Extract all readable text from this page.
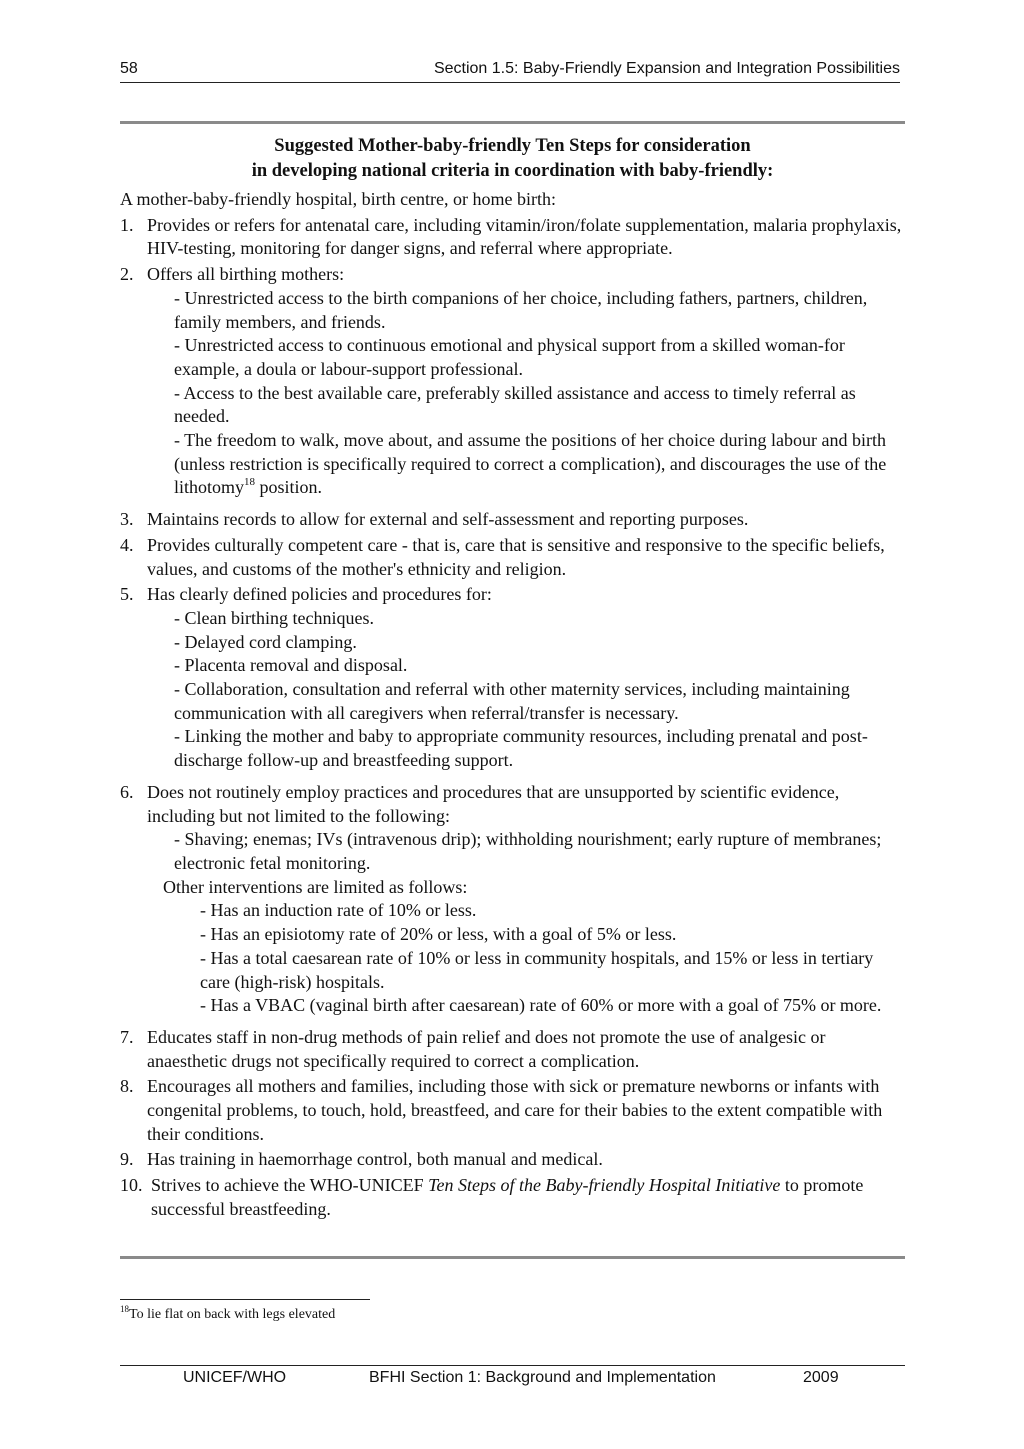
58	Section 1.5: Baby-Friendly Expansion and Integration Possibilities

Suggested Mother-baby-friendly Ten Steps for consideration

in developing national criteria in coordination with baby-friendly:

A mother-baby-friendly hospital, birth centre, or home birth:

1. Provides or refers for antenatal care, including vitamin/iron/folate supplementation, malaria prophylaxis, HIV-testing, monitoring for danger signs, and referral where appropriate.
2. Offers all birthing mothers:
- Unrestricted access to the birth companions of her choice, including fathers, partners, children, family members, and friends.
- Unrestricted access to continuous emotional and physical support from a skilled woman-for example, a doula or labour-support professional.
- Access to the best available care, preferably skilled assistance and access to timely referral as needed.
- The freedom to walk, move about, and assume the positions of her choice during labour and birth (unless restriction is specifically required to correct a complication), and discourages the use of the lithotomy$^{18}$ position.
3. Maintains records to allow for external and self-assessment and reporting purposes.
4. Provides culturally competent care - that is, care that is sensitive and responsive to the specific beliefs, values, and customs of the mother's ethnicity and religion.
5. Has clearly defined policies and procedures for:
- Clean birthing techniques.
- Delayed cord clamping.
- Placenta removal and disposal.
- Collaboration, consultation and referral with other maternity services, including maintaining communication with all caregivers when referral/transfer is necessary.
- Linking the mother and baby to appropriate community resources, including prenatal and post-discharge follow-up and breastfeeding support.
6. Does not routinely employ practices and procedures that are unsupported by scientific evidence, including but not limited to the following:
- Shaving; enemas; IVs (intravenous drip); withholding nourishment; early rupture of membranes; electronic fetal monitoring.
Other interventions are limited as follows:
- Has an induction rate of 10% or less.
- Has an episiotomy rate of 20% or less, with a goal of 5% or less.
- Has a total caesarean rate of 10% or less in community hospitals, and 15% or less in tertiary care (high-risk) hospitals.
- Has a VBAC (vaginal birth after caesarean) rate of 60% or more with a goal of 75% or more.
7. Educates staff in non-drug methods of pain relief and does not promote the use of analgesic or anaesthetic drugs not specifically required to correct a complication.
8. Encourages all mothers and families, including those with sick or premature newborns or infants with congenital problems, to touch, hold, breastfeed, and care for their babies to the extent compatible with their conditions.
9. Has training in haemorrhage control, both manual and medical.
10. Strives to achieve the WHO-UNICEF Ten Steps of the Baby-friendly Hospital Initiative to promote successful breastfeeding.
$^{18}$To lie flat on back with legs elevated
UNICEF/WHO	BFHI Section 1: Background and Implementation	2009
